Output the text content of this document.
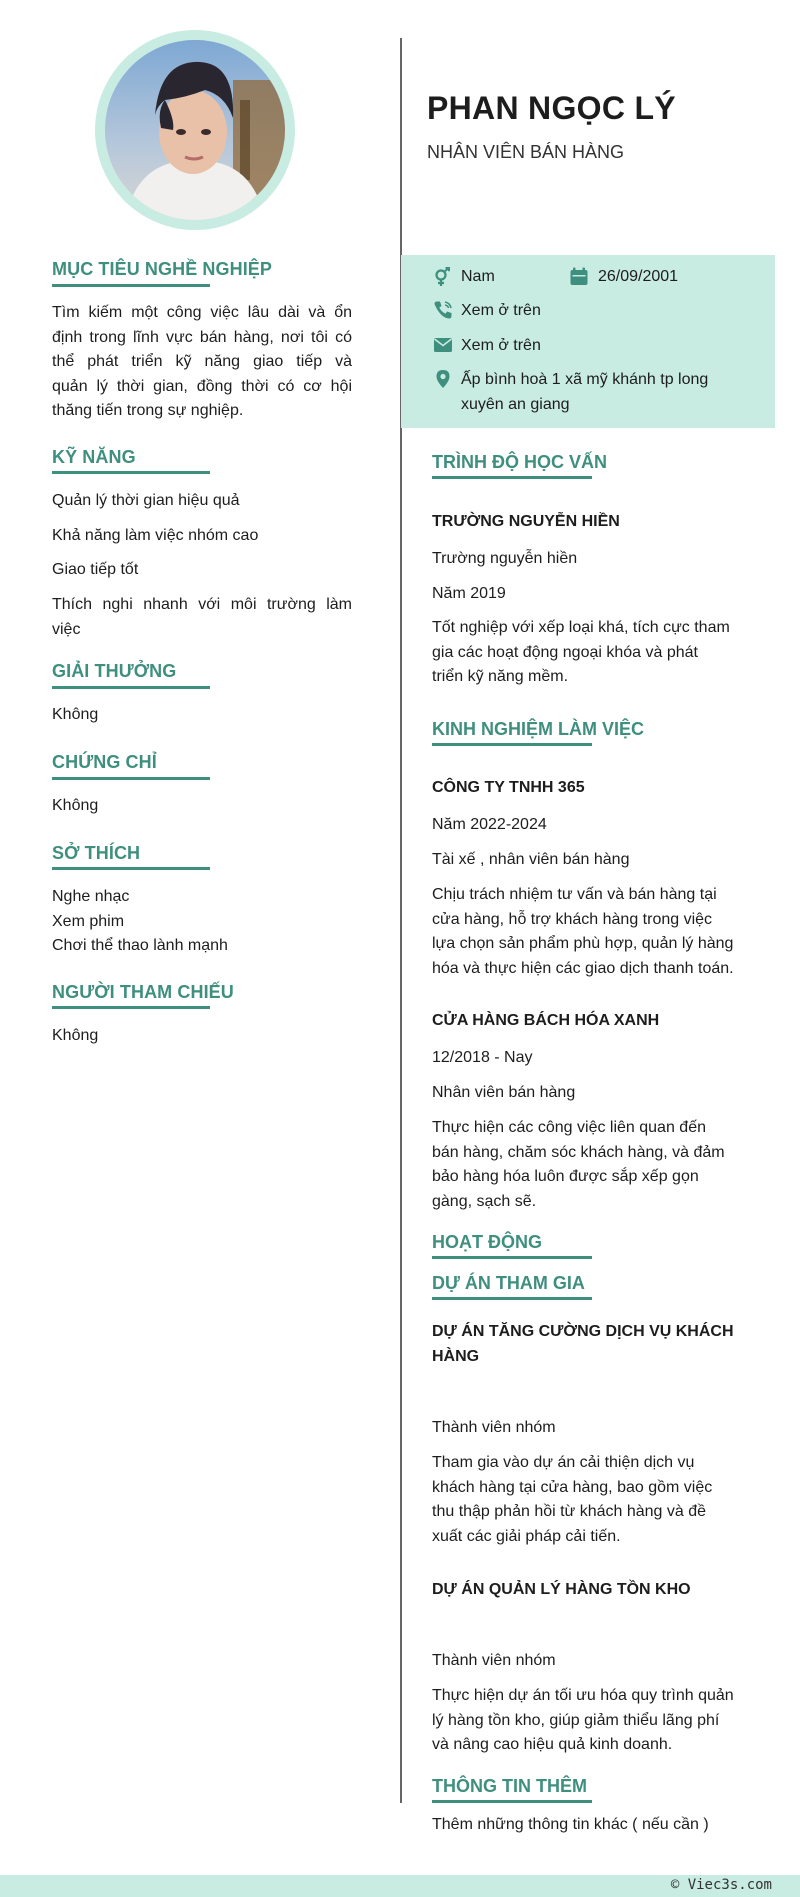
MỤC TIÊU NGHỀ NGHIỆP
Tìm kiếm một công việc lâu dài và ổn
định trong lĩnh vực bán hàng, nơi tôi có
thể phát triển kỹ năng giao tiếp và
quản lý thời gian, đồng thời có cơ hội
thăng tiến trong sự nghiệp.
KỸ NĂNG
Quản lý thời gian hiệu quả
Khả năng làm việc nhóm cao
Giao tiếp tốt
Thích nghi nhanh với môi trường làm
việc
GIẢI THƯỞNG
Không
CHỨNG CHỈ
Không
SỞ THÍCH
Nghe nhạc
Xem phim
Chơi thể thao lành mạnh
NGƯỜI THAM CHIẾU
Không
PHAN NGỌC LÝ
NHÂN VIÊN BÁN HÀNG
Nam	26/09/2001
Xem ở trên
Xem ở trên
Ấp bình hoà 1 xã mỹ khánh tp long
xuyên an giang
TRÌNH ĐỘ HỌC VẤN
TRƯỜNG NGUYỄN HIỀN
Trường nguyễn hiền
Năm 2019
Tốt nghiệp với xếp loại khá, tích cực tham
gia các hoạt động ngoại khóa và phát
triển kỹ năng mềm.
KINH NGHIỆM LÀM VIỆC
CÔNG TY TNHH 365
Năm 2022-2024
Tài xế , nhân viên bán hàng
Chịu trách nhiệm tư vấn và bán hàng tại
cửa hàng, hỗ trợ khách hàng trong việc
lựa chọn sản phẩm phù hợp, quản lý hàng
hóa và thực hiện các giao dịch thanh toán.
CỬA HÀNG BÁCH HÓA XANH
12/2018 - Nay
Nhân viên bán hàng
Thực hiện các công việc liên quan đến
bán hàng, chăm sóc khách hàng, và đảm
bảo hàng hóa luôn được sắp xếp gọn
gàng, sạch sẽ.
HOẠT ĐỘNG
DỰ ÁN THAM GIA
DỰ ÁN TĂNG CƯỜNG DỊCH VỤ KHÁCH
HÀNG
Thành viên nhóm
Tham gia vào dự án cải thiện dịch vụ
khách hàng tại cửa hàng, bao gồm việc
thu thập phản hồi từ khách hàng và đề
xuất các giải pháp cải tiến.
DỰ ÁN QUẢN LÝ HÀNG TỒN KHO
Thành viên nhóm
Thực hiện dự án tối ưu hóa quy trình quản
lý hàng tồn kho, giúp giảm thiểu lãng phí
và nâng cao hiệu quả kinh doanh.
THÔNG TIN THÊM
Thêm những thông tin khác ( nếu cần )
© Viec3s.com
